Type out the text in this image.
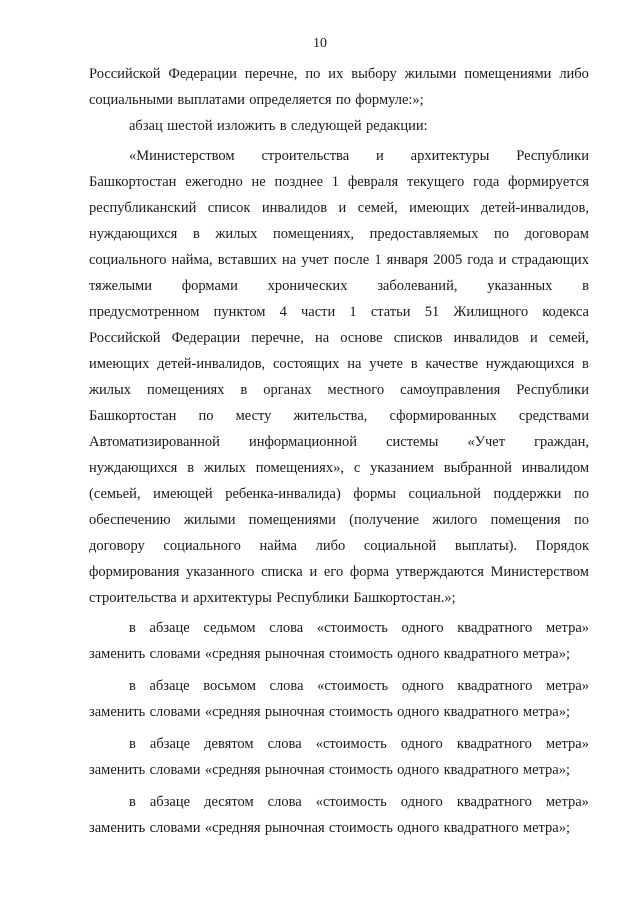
10
Российской Федерации перечне, по их выбору жилыми помещениями либо
социальными выплатами определяется по формуле:»;
абзац шестой изложить в следующей редакции:
«Министерством строительства и архитектуры Республики
Башкортостан ежегодно не позднее 1 февраля текущего года формируется
республиканский список инвалидов и семей, имеющих детей-инвалидов,
нуждающихся в жилых помещениях, предоставляемых по договорам
социального найма, вставших на учет после 1 января 2005 года и страдающих
тяжелыми формами хронических заболеваний, указанных в
предусмотренном пунктом 4 части 1 статьи 51 Жилищного кодекса
Российской Федерации перечне, на основе списков инвалидов и семей,
имеющих детей-инвалидов, состоящих на учете в качестве нуждающихся в
жилых помещениях в органах местного самоуправления Республики
Башкортостан по месту жительства, сформированных средствами
Автоматизированной информационной системы «Учет граждан,
нуждающихся в жилых помещениях», с указанием выбранной инвалидом
(семьей, имеющей ребенка-инвалида) формы социальной поддержки по
обеспечению жилыми помещениями (получение жилого помещения по
договору социального найма либо социальной выплаты). Порядок
формирования указанного списка и его форма утверждаются Министерством
строительства и архитектуры Республики Башкортостан.»;
в абзаце седьмом слова «стоимость одного квадратного метра»
заменить словами «средняя рыночная стоимость одного квадратного метра»;
в абзаце восьмом слова «стоимость одного квадратного метра»
заменить словами «средняя рыночная стоимость одного квадратного метра»;
в абзаце девятом слова «стоимость одного квадратного метра»
заменить словами «средняя рыночная стоимость одного квадратного метра»;
в абзаце десятом слова «стоимость одного квадратного метра»
заменить словами «средняя рыночная стоимость одного квадратного метра»;
